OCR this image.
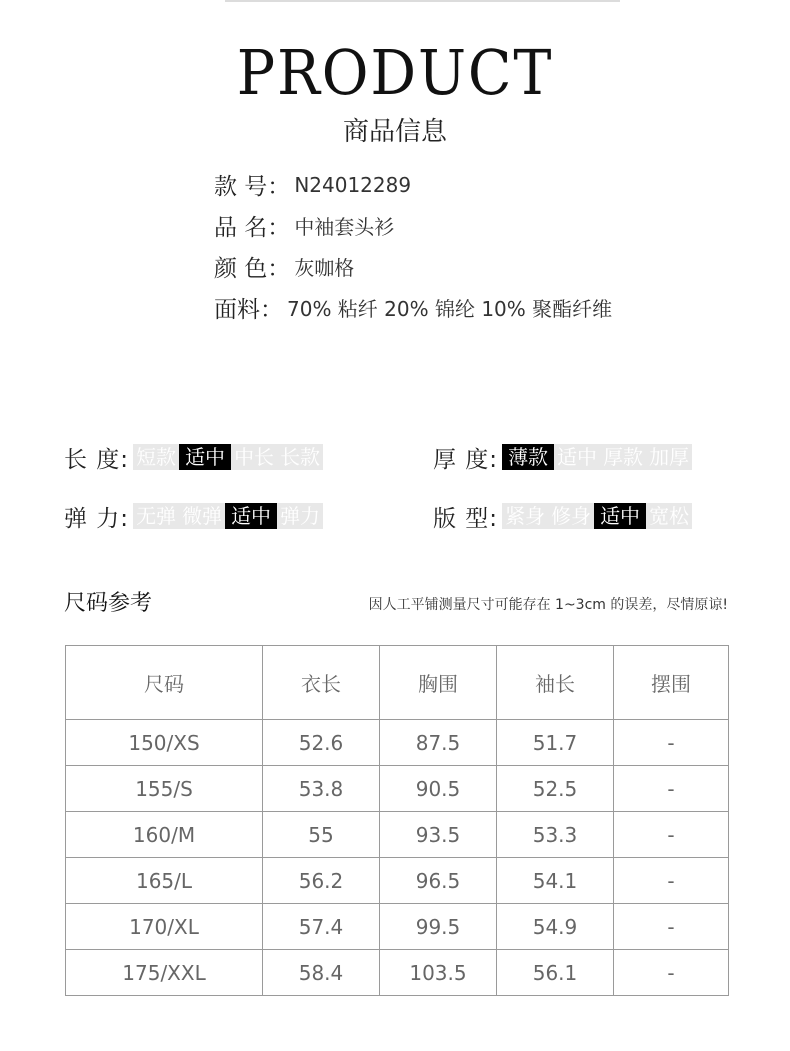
PRODUCT
商品信息
款 号： N24012289
品 名： 中袖套头衫
颜 色： 灰咖格
面料： 70% 粘纤 20% 锦纶 10% 聚酯纤维
长 度: 短款 适中 中长 长款	厚 度: 薄款 适中 厚款 加厚
弹 力: 无弹 微弹 适中 弹力	版 型: 紧身 修身 适中 宽松
尺码参考	因人工平铺测量尺寸可能存在 1~3cm 的误差，尽情原谅!
尺码	衣长	胸围	袖长	摆围
150/XS	52.6	87.5	51.7	-
155/S	53.8	90.5	52.5	-
160/M	55	93.5	53.3	-
165/L	56.2	96.5	54.1	-
170/XL	57.4	99.5	54.9	-
175/XXL	58.4	103.5	56.1	-
